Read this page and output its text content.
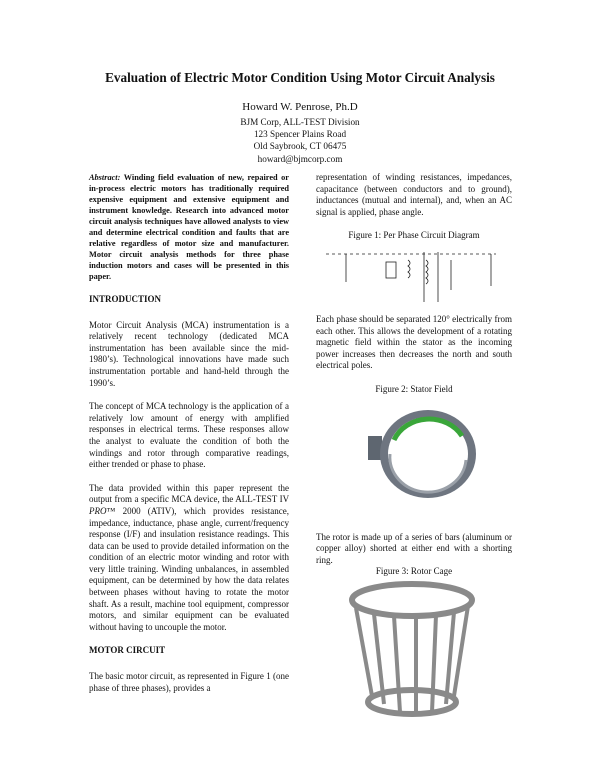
Evaluation of Electric Motor Condition Using Motor Circuit Analysis
Howard W. Penrose, Ph.D
BJM Corp, ALL-TEST Division
123 Spencer Plains Road
Old Saybrook, CT 06475
howard@bjmcorp.com

Abstract: Winding field evaluation of new, repaired or in-process electric motors has traditionally required expensive equipment and extensive equipment and instrument knowledge. Research into advanced motor circuit analysis techniques have allowed analysts to view and determine electrical condition and faults that are relative regardless of motor size and manufacturer. Motor circuit analysis methods for three phase induction motors and cases will be presented in this paper.

INTRODUCTION

Motor Circuit Analysis (MCA) instrumentation is a relatively recent technology (dedicated MCA instrumentation has been available since the mid-1980’s). Technological innovations have made such instrumentation portable and hand-held through the 1990’s.

The concept of MCA technology is the application of a relatively low amount of energy with amplified responses in electrical terms. These responses allow the analyst to evaluate the condition of both the windings and rotor through comparative readings, either trended or phase to phase.

The data provided within this paper represent the output from a specific MCA device, the ALL-TEST IV PRO™ 2000 (ATIV), which provides resistance, impedance, inductance, phase angle, current/frequency response (I/F) and insulation resistance readings. This data can be used to provide detailed information on the condition of an electric motor winding and rotor with very little training. Winding unbalances, in assembled equipment, can be determined by how the data relates between phases without having to rotate the motor shaft. As a result, machine tool equipment, compressor motors, and similar equipment can be evaluated without having to uncouple the motor.

MOTOR CIRCUIT

The basic motor circuit, as represented in Figure 1 (one phase of three phases), provides a

representation of winding resistances, impedances, capacitance (between conductors and to ground), inductances (mutual and internal), and, when an AC signal is applied, phase angle.

Figure 1: Per Phase Circuit Diagram

Each phase should be separated 120° electrically from each other. This allows the development of a rotating magnetic field within the stator as the incoming power increases then decreases the north and south electrical poles.

Figure 2: Stator Field

The rotor is made up of a series of bars (aluminum or copper alloy) shorted at either end with a shorting ring.

Figure 3: Rotor Cage
